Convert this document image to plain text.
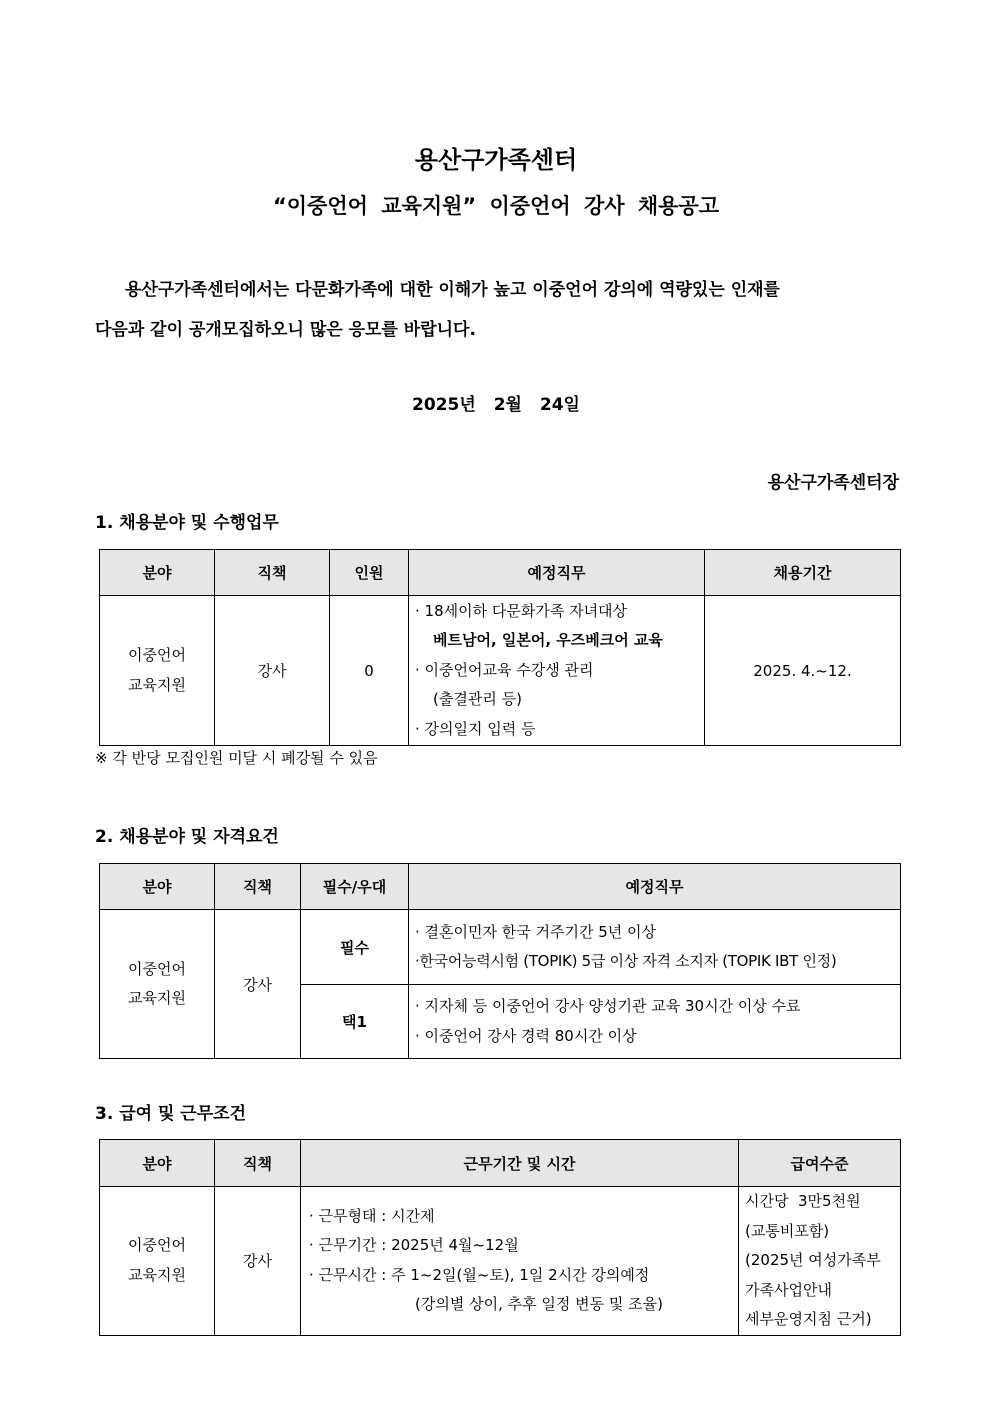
용산구가족센터
“이중언어 교육지원” 이중언어 강사 채용공고
용산구가족센터에서는 다문화가족에 대한 이해가 높고 이중언어 강의에 역량있는 인재를
다음과 같이 공개모집하오니 많은 응모를 바랍니다.
2025년 2월 24일
용산구가족센터장
1. 채용분야 및 수행업무
분야	직책	인원	예정직무	채용기간

이중언어
교육지원	강사	0	· 18세이하 다문화가족 자녀대상
베트남어, 일본어, 우즈베크어 교육
· 이중언어교육 수강생 관리
(출결관리 등)
· 강의일지 입력 등	2025. 4.~12.
※ 각 반당 모집인원 미달 시 폐강될 수 있음
2. 채용분야 및 자격요건
분야	직책	필수/우대	예정직무

이중언어
교육지원	강사	필수	· 결혼이민자 한국 거주기간 5년 이상
·한국어능력시험 (TOPIK) 5급 이상 자격 소지자 (TOPIK IBT 인정)

		택1	· 지자체 등 이중언어 강사 양성기관 교육 30시간 이상 수료
· 이중언어 강사 경력 80시간 이상
3. 급여 및 근무조건
분야	직책	근무기간 및 시간	급여수준

이중언어
교육지원	강사	· 근무형태 : 시간제
· 근무기간 : 2025년 4월~12월
· 근무시간 : 주 1~2일(월~토), 1일 2시간 강의예정
(강의별 상이, 추후 일정 변동 및 조율)	시간당  3만5천원
(교통비포함)
(2025년 여성가족부
가족사업안내
세부운영지침 근거)
